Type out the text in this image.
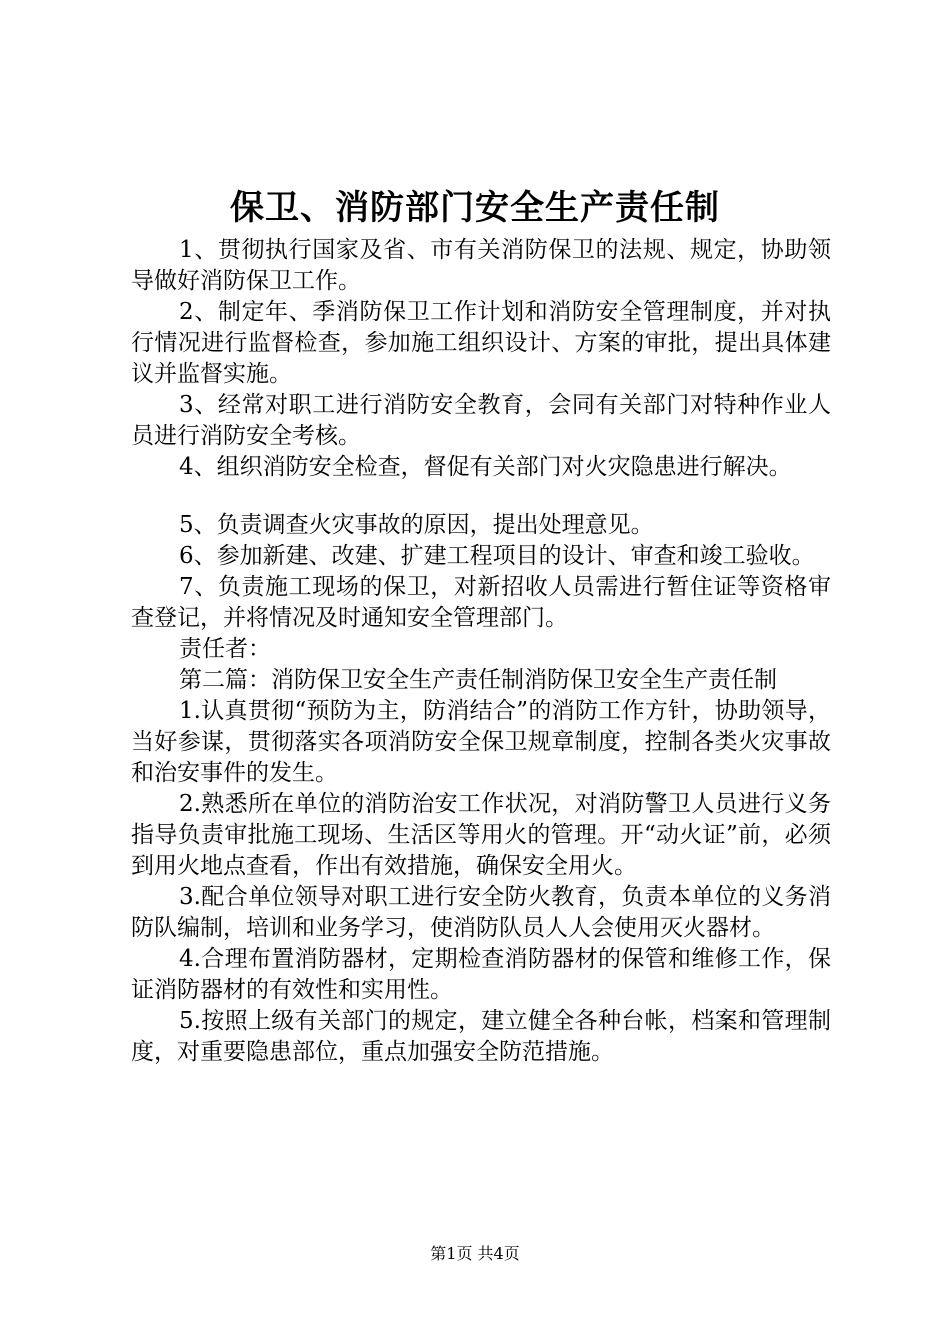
保卫、消防部门安全生产责任制

1、贯彻执行国家及省、市有关消防保卫的法规、规定，协助领导做好消防保卫工作。

2、制定年、季消防保卫工作计划和消防安全管理制度，并对执行情况进行监督检查，参加施工组织设计、方案的审批，提出具体建议并监督实施。

3、经常对职工进行消防安全教育，会同有关部门对特种作业人员进行消防安全考核。

4、组织消防安全检查，督促有关部门对火灾隐患进行解决。

5、负责调查火灾事故的原因，提出处理意见。

6、参加新建、改建、扩建工程项目的设计、审查和竣工验收。

7、负责施工现场的保卫，对新招收人员需进行暂住证等资格审查登记，并将情况及时通知安全管理部门。

责任者：

第二篇：消防保卫安全生产责任制消防保卫安全生产责任制

1.认真贯彻“预防为主，防消结合”的消防工作方针，协助领导，当好参谋，贯彻落实各项消防安全保卫规章制度，控制各类火灾事故和治安事件的发生。

2.熟悉所在单位的消防治安工作状况，对消防警卫人员进行义务指导负责审批施工现场、生活区等用火的管理。开“动火证”前，必须到用火地点查看，作出有效措施，确保安全用火。

3.配合单位领导对职工进行安全防火教育，负责本单位的义务消防队编制，培训和业务学习，使消防队员人人会使用灭火器材。

4.合理布置消防器材，定期检查消防器材的保管和维修工作，保证消防器材的有效性和实用性。

5.按照上级有关部门的规定，建立健全各种台帐，档案和管理制度，对重要隐患部位，重点加强安全防范措施。

第1页 共4页
